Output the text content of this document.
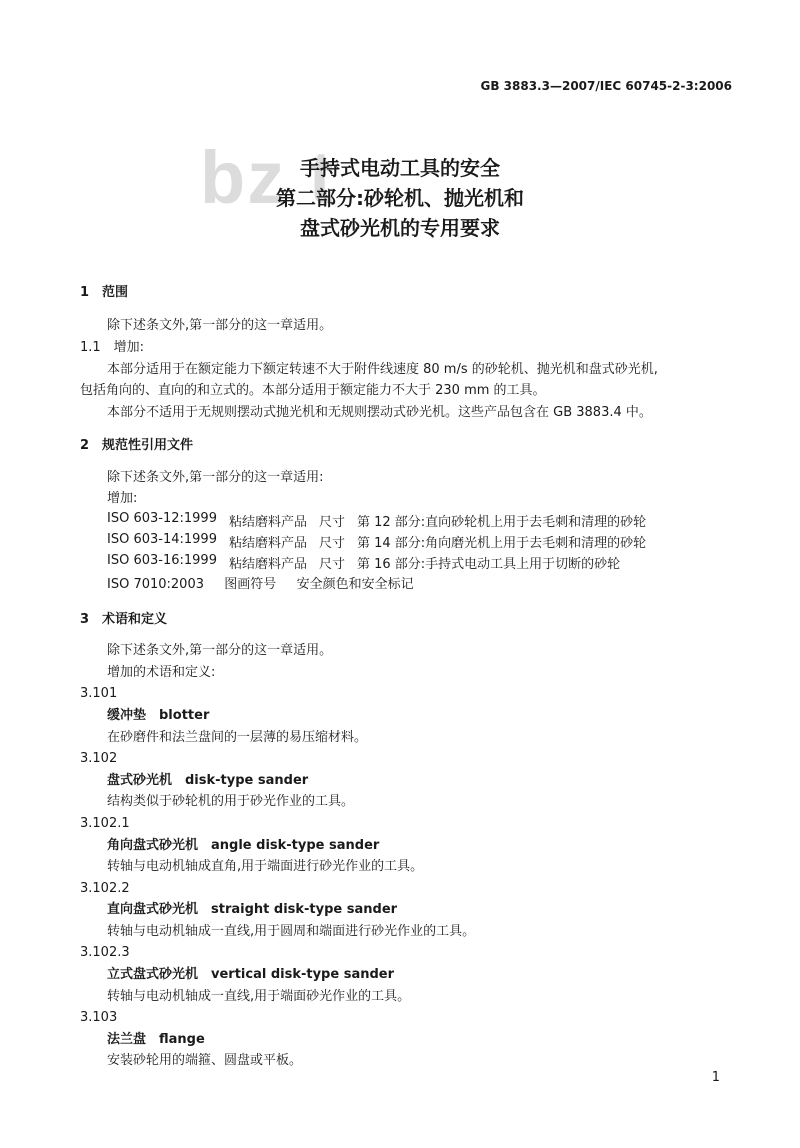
GB 3883.3—2007/IEC 60745-2-3:2006
bz t
手持式电动工具的安全
第二部分:砂轮机、抛光机和
盘式砂光机的专用要求
1　范围
除下述条文外,第一部分的这一章适用。
1.1　增加:
本部分适用于在额定能力下额定转速不大于附件线速度 80 m/s 的砂轮机、抛光机和盘式砂光机,
包括角向的、直向的和立式的。本部分适用于额定能力不大于 230 mm 的工具。
本部分不适用于无规则摆动式抛光机和无规则摆动式砂光机。这些产品包含在 GB 3883.4 中。
2　规范性引用文件
除下述条文外,第一部分的这一章适用:
增加:
ISO 603-12:1999	粘结磨料产品	尺寸	第 12 部分:直向砂轮机上用于去毛刺和清理的砂轮
ISO 603-14:1999	粘结磨料产品	尺寸	第 14 部分:角向磨光机上用于去毛刺和清理的砂轮
ISO 603-16:1999	粘结磨料产品	尺寸	第 16 部分:手持式电动工具上用于切断的砂轮
ISO 7010:2003 图画符号 安全颜色和安全标记
3　术语和定义
除下述条文外,第一部分的这一章适用。
增加的术语和定义:
3.101
缓冲垫　blotter
在砂磨件和法兰盘间的一层薄的易压缩材料。
3.102
盘式砂光机　disk-type sander
结构类似于砂轮机的用于砂光作业的工具。
3.102.1
角向盘式砂光机　angle disk-type sander
转轴与电动机轴成直角,用于端面进行砂光作业的工具。
3.102.2
直向盘式砂光机　straight disk-type sander
转轴与电动机轴成一直线,用于圆周和端面进行砂光作业的工具。
3.102.3
立式盘式砂光机　vertical disk-type sander
转轴与电动机轴成一直线,用于端面砂光作业的工具。
3.103
法兰盘　flange
安装砂轮用的端箍、圆盘或平板。
1
